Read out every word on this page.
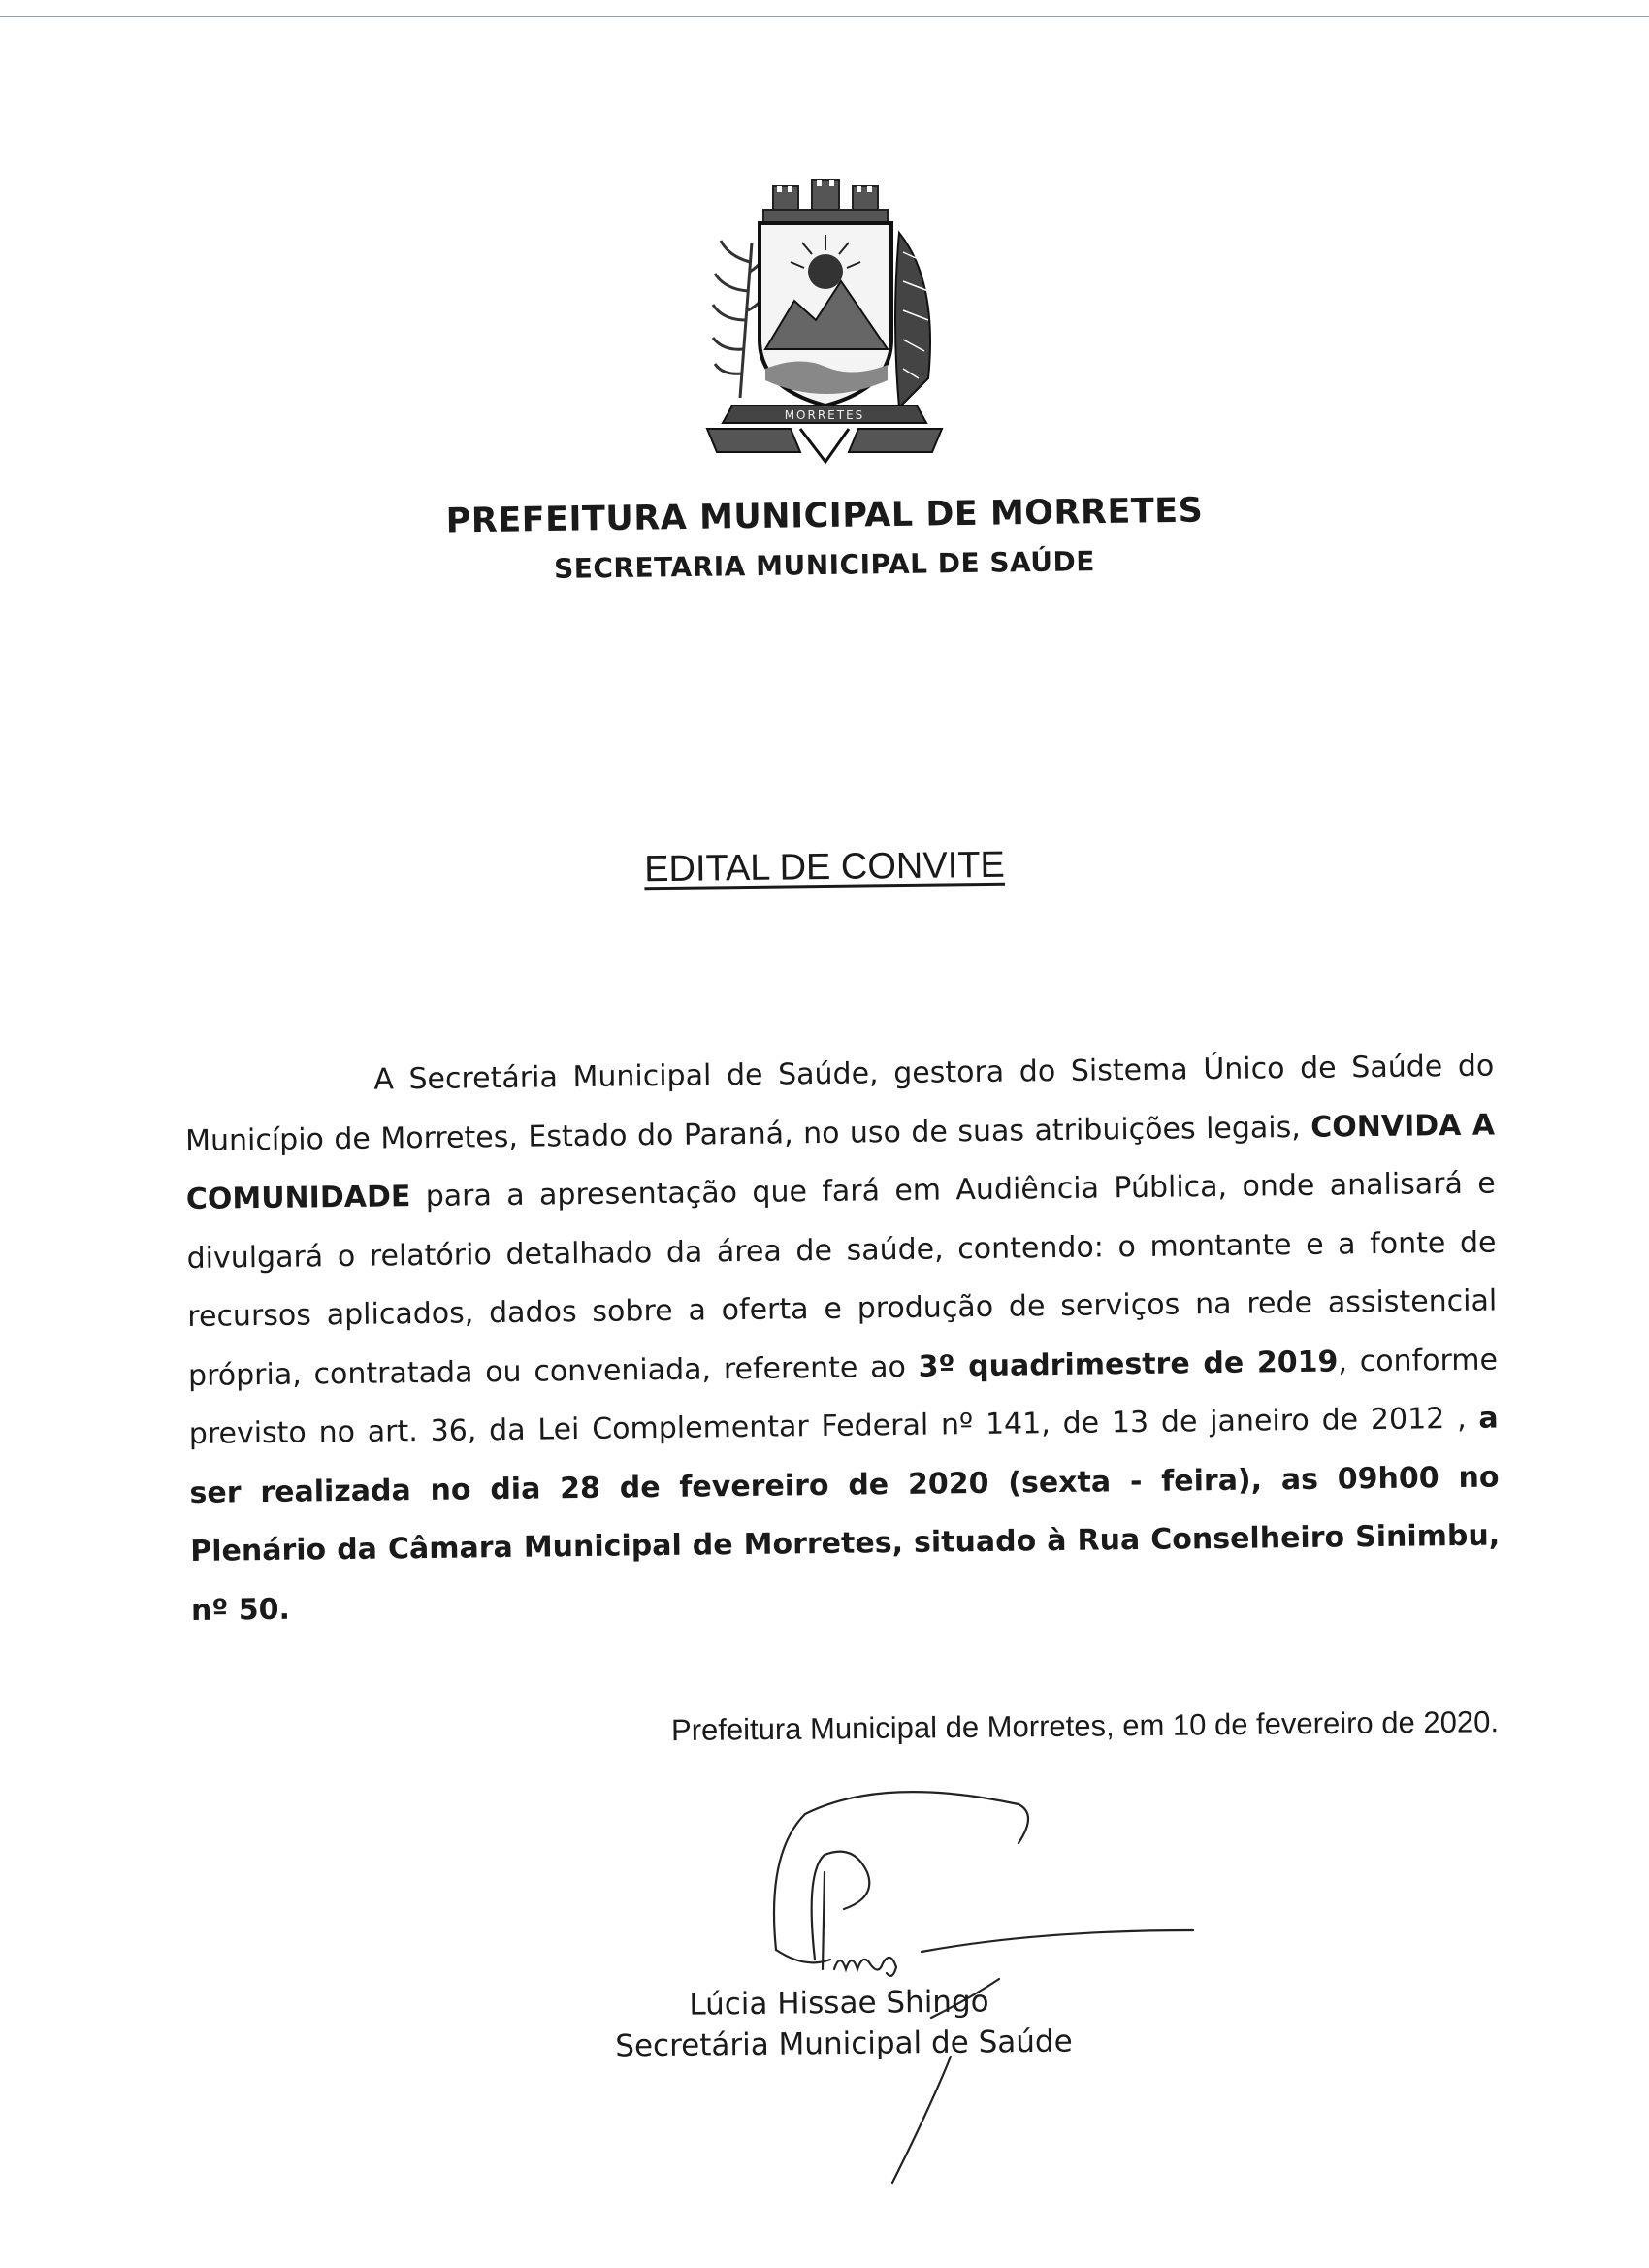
MORRETES
PREFEITURA MUNICIPAL DE MORRETES
SECRETARIA MUNICIPAL DE SAÚDE
EDITAL DE CONVITE
A Secretária Municipal de Saúde, gestora do Sistema Único de Saúde do Município de Morretes, Estado do Paraná, no uso de suas atribuições legais, CONVIDA A COMUNIDADE para a apresentação que fará em Audiência Pública, onde analisará e divulgará o relatório detalhado da área de saúde, contendo: o montante e a fonte de recursos aplicados, dados sobre a oferta e produção de serviços na rede assistencial própria, contratada ou conveniada, referente ao 3º quadrimestre de 2019, conforme previsto no art. 36, da Lei Complementar Federal nº 141, de 13 de janeiro de 2012 , a ser realizada no dia 28 de fevereiro de 2020 (sexta - feira), as 09h00 no Plenário da Câmara Municipal de Morretes, situado à Rua Conselheiro Sinimbu, nº 50.
Prefeitura Municipal de Morretes, em 10 de fevereiro de 2020.
Lúcia Hissae Shingo
Secretária Municipal de Saúde
